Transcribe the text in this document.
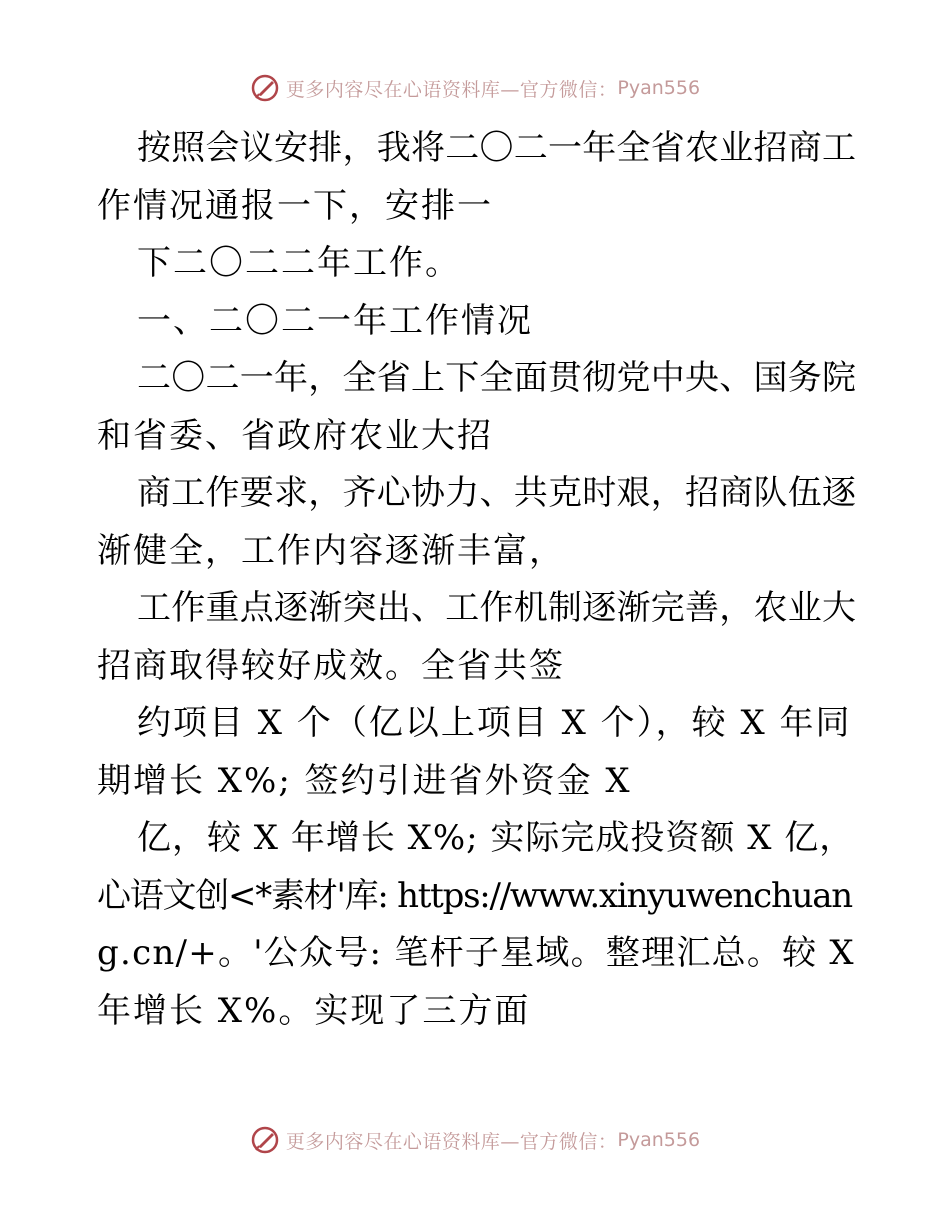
更多内容尽在心语资料库—官方微信： Pyan556

按照会议安排，我将二〇二一年全省农业招商工

作情况通报一下，安排一

下二〇二二年工作。

一、二〇二一年工作情况

二〇二一年，全省上下全面贯彻党中央、国务院

和省委、省政府农业大招

商工作要求，齐心协力、共克时艰，招商队伍逐

渐健全，工作内容逐渐丰富，

工作重点逐渐突出、工作机制逐渐完善，农业大

招商取得较好成效。全省共签

约项目 X 个（亿以上项目 X 个），较 X 年同

期增长 X%; 签约引进省外资金 X

亿，较 X 年增长 X%; 实际完成投资额 X 亿，

心语文创<*素材'库: https://www.xinyuwenchuan

g.cn/+。'公众号: 笔杆子星域。整理汇总。较 X

年增长 X%。实现了三方面

更多内容尽在心语资料库—官方微信： Pyan556
